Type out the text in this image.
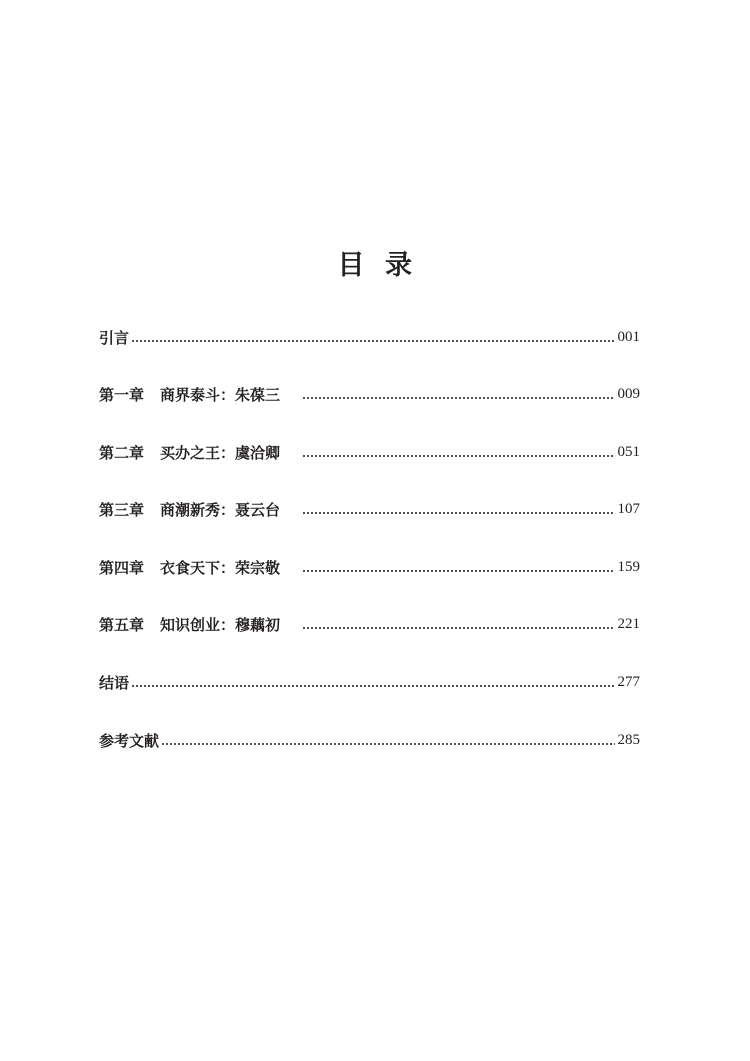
目 录
引言	001
第一章 商界泰斗：朱葆三	009
第二章 买办之王：虞洽卿	051
第三章 商潮新秀：聂云台	107
第四章 衣食天下：荣宗敬	159
第五章 知识创业：穆藕初	221
结语	277
参考文献	285
